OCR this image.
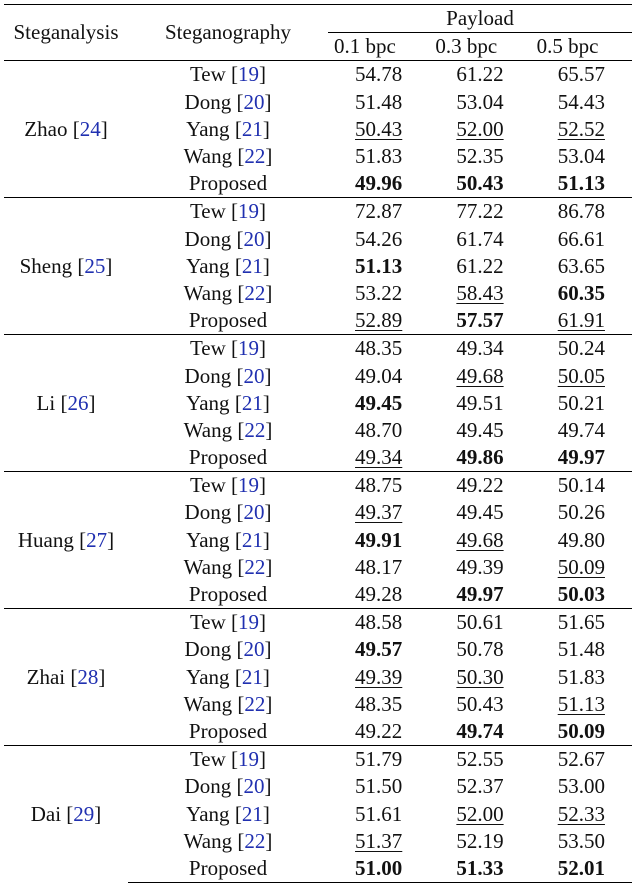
Steganalysis	Steganography	Payload		
		0.1 bpc	0.3 bpc	0.5 bpc
Zhao [24]	Tew [19]	54.78	61.22	65.57
	Dong [20]	51.48	53.04	54.43
	Yang [21]	50.43	52.00	52.52
	Wang [22]	51.83	52.35	53.04
	Proposed	49.96	50.43	51.13
Sheng [25]	Tew [19]	72.87	77.22	86.78
	Dong [20]	54.26	61.74	66.61
	Yang [21]	51.13	61.22	63.65
	Wang [22]	53.22	58.43	60.35
	Proposed	52.89	57.57	61.91
Li [26]	Tew [19]	48.35	49.34	50.24
	Dong [20]	49.04	49.68	50.05
	Yang [21]	49.45	49.51	50.21
	Wang [22]	48.70	49.45	49.74
	Proposed	49.34	49.86	49.97
Huang [27]	Tew [19]	48.75	49.22	50.14
	Dong [20]	49.37	49.45	50.26
	Yang [21]	49.91	49.68	49.80
	Wang [22]	48.17	49.39	50.09
	Proposed	49.28	49.97	50.03
Zhai [28]	Tew [19]	48.58	50.61	51.65
	Dong [20]	49.57	50.78	51.48
	Yang [21]	49.39	50.30	51.83
	Wang [22]	48.35	50.43	51.13
	Proposed	49.22	49.74	50.09
Dai [29]	Tew [19]	51.79	52.55	52.67
	Dong [20]	51.50	52.37	53.00
	Yang [21]	51.61	52.00	52.33
	Wang [22]	51.37	52.19	53.50
	Proposed	51.00	51.33	52.01
